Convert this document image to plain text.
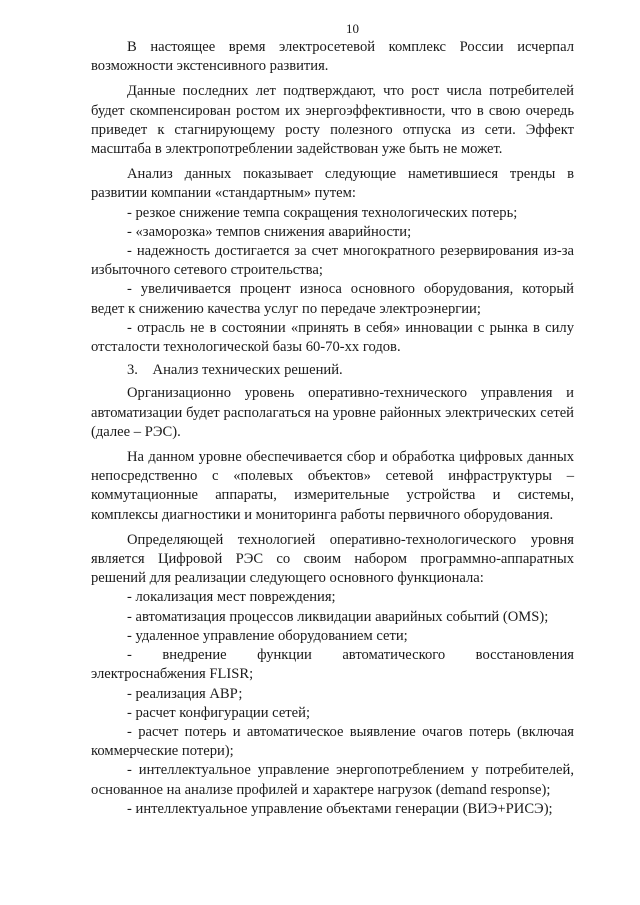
10

В настоящее время электросетевой комплекс России исчерпал возможности экстенсивного развития.

Данные последних лет подтверждают, что рост числа потребителей будет скомпенсирован ростом их энергоэффективности, что в свою очередь приведет к стагнирующему росту полезного отпуска из сети. Эффект масштаба в электропотреблении задействован уже быть не может.

Анализ данных показывает следующие наметившиеся тренды в развитии компании «стандартным» путем:

- резкое снижение темпа сокращения технологических потерь;

- «заморозка» темпов снижения аварийности;

- надежность достигается за счет многократного резервирования из-за избыточного сетевого строительства;

- увеличивается процент износа основного оборудования, который ведет к снижению качества услуг по передаче электроэнергии;

- отрасль не в состоянии «принять в себя» инновации с рынка в силу отсталости технологической базы 60-70-хх годов.

3. Анализ технических решений.

Организационно уровень оперативно-технического управления и автоматизации будет располагаться на уровне районных электрических сетей (далее – РЭС).

На данном уровне обеспечивается сбор и обработка цифровых данных непосредственно с «полевых объектов» сетевой инфраструктуры – коммутационные аппараты, измерительные устройства и системы, комплексы диагностики и мониторинга работы первичного оборудования.

Определяющей технологией оперативно-технологического уровня является Цифровой РЭС со своим набором программно-аппаратных решений для реализации следующего основного функционала:

- локализация мест повреждения;

- автоматизация процессов ликвидации аварийных событий (OMS);

- удаленное управление оборудованием сети;

- внедрение функции автоматического восстановления электроснабжения FLISR;

- реализация АВР;

- расчет конфигурации сетей;

- расчет потерь и автоматическое выявление очагов потерь (включая коммерческие потери);

- интеллектуальное управление энергопотреблением у потребителей, основанное на анализе профилей и характере нагрузок (demand response);

- интеллектуальное управление объектами генерации (ВИЭ+РИСЭ);
